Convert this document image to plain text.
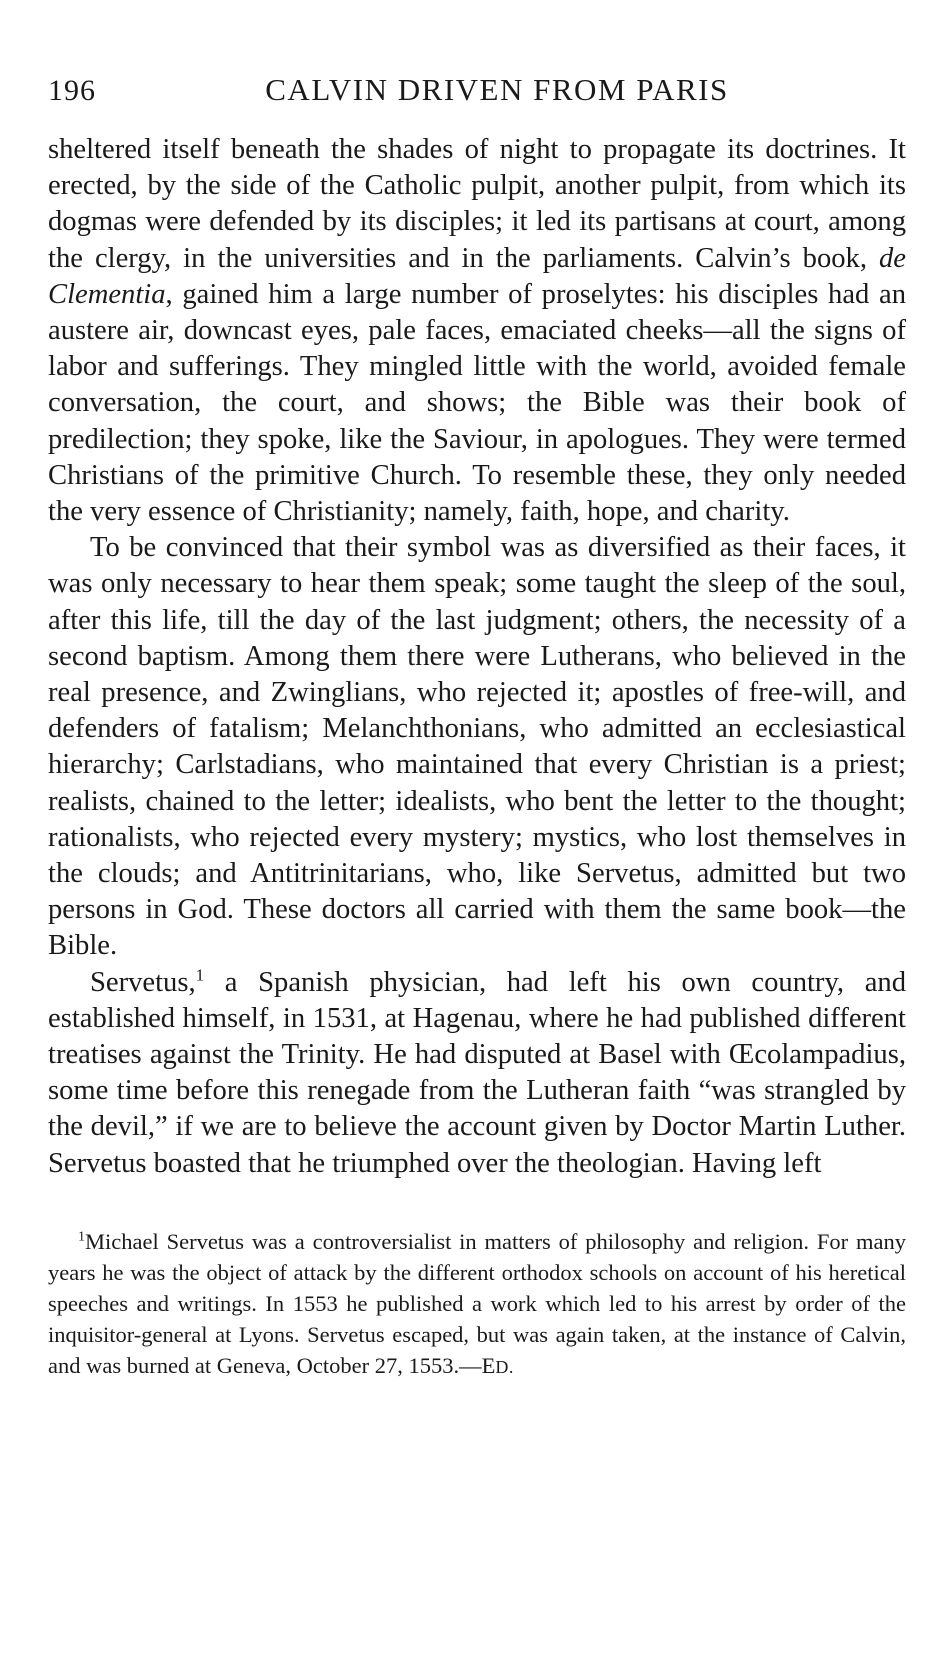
196	CALVIN DRIVEN FROM PARIS

sheltered itself beneath the shades of night to propagate its doctrines. It erected, by the side of the Catholic pulpit, another pulpit, from which its dogmas were defended by its disciples; it led its partisans at court, among the clergy, in the universities and in the parliaments. Calvin’s book, de Clementia, gained him a large number of proselytes: his disciples had an austere air, downcast eyes, pale faces, emaciated cheeks—all the signs of labor and sufferings. They mingled little with the world, avoided female conversation, the court, and shows; the Bible was their book of predilection; they spoke, like the Saviour, in apologues. They were termed Christians of the primitive Church. To resemble these, they only needed the very essence of Christianity; namely, faith, hope, and charity.

To be convinced that their symbol was as diversified as their faces, it was only necessary to hear them speak; some taught the sleep of the soul, after this life, till the day of the last judgment; others, the necessity of a second baptism. Among them there were Lutherans, who believed in the real presence, and Zwinglians, who rejected it; apostles of free-will, and defenders of fatalism; Melanchthonians, who admitted an ecclesiastical hierarchy; Carlstadians, who maintained that every Christian is a priest; realists, chained to the letter; idealists, who bent the letter to the thought; rationalists, who rejected every mystery; mystics, who lost themselves in the clouds; and Antitrinitarians, who, like Servetus, admitted but two persons in God. These doctors all carried with them the same book—the Bible.

Servetus,$^1$ a Spanish physician, had left his own country, and established himself, in 1531, at Hagenau, where he had published different treatises against the Trinity. He had disputed at Basel with Œcolampadius, some time before this renegade from the Lutheran faith “was strangled by the devil,” if we are to believe the account given by Doctor Martin Luther. Servetus boasted that he triumphed over the theologian. Having left

$^1$Michael Servetus was a controversialist in matters of philosophy and religion. For many years he was the object of attack by the different orthodox schools on account of his heretical speeches and writings. In 1553 he published a work which led to his arrest by order of the inquisitor-general at Lyons. Servetus escaped, but was again taken, at the instance of Calvin, and was burned at Geneva, October 27, 1553.—ED.
